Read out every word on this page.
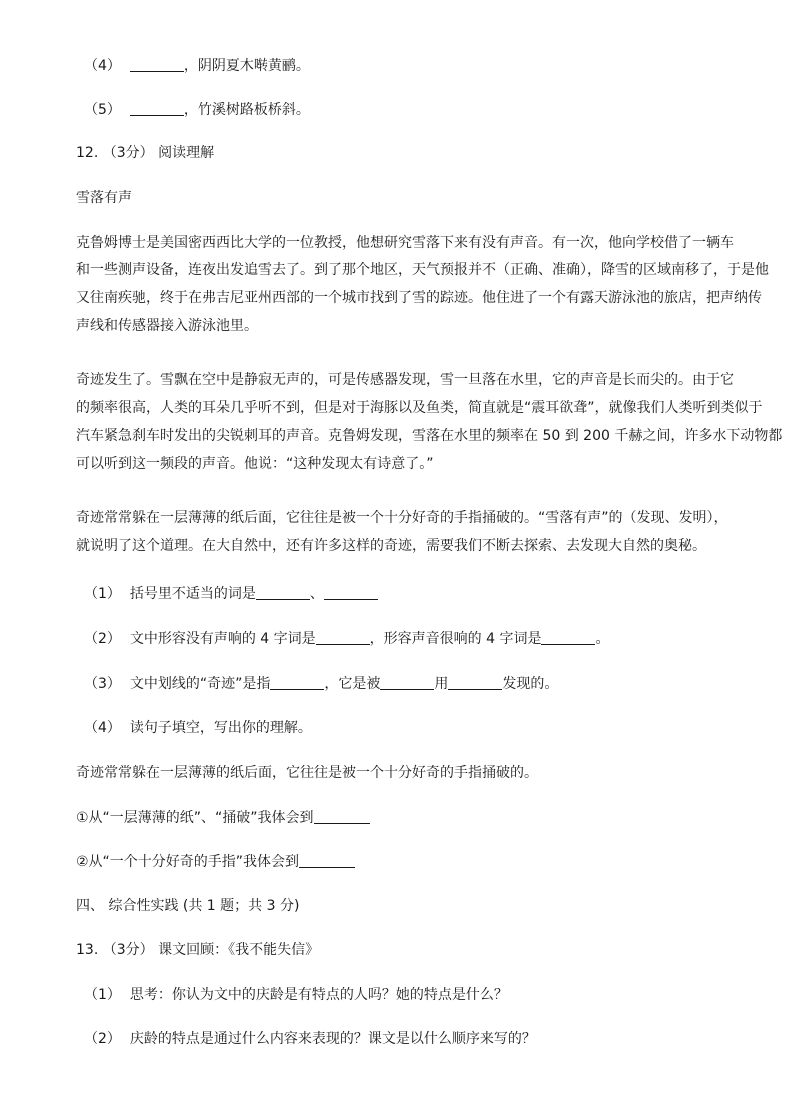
（4）	，阴阴夏木啭黄鹂。
（5）	，竹溪树路板桥斜。
12. （3分） 阅读理解
雪落有声
克鲁姆博士是美国密西西比大学的一位教授，他想研究雪落下来有没有声音。有一次，他向学校借了一辆车
和一些测声设备，连夜出发追雪去了。到了那个地区，天气预报并不（正确、准确），降雪的区域南移了，于是他
又往南疾驰，终于在弗吉尼亚州西部的一个城市找到了雪的踪迹。他住进了一个有露天游泳池的旅店，把声纳传
声线和传感器接入游泳池里。
奇迹发生了。雪飘在空中是静寂无声的，可是传感器发现，雪一旦落在水里，它的声音是长而尖的。由于它
的频率很高，人类的耳朵几乎听不到，但是对于海豚以及鱼类，简直就是“震耳欲聋”，就像我们人类听到类似于
汽车紧急刹车时发出的尖锐刺耳的声音。克鲁姆发现，雪落在水里的频率在 50 到 200 千赫之间，许多水下动物都
可以听到这一频段的声音。他说：“这种发现太有诗意了。”
奇迹常常躲在一层薄薄的纸后面，它往往是被一个十分好奇的手指捅破的。“雪落有声”的（发现、发明），
就说明了这个道理。在大自然中，还有许多这样的奇迹，需要我们不断去探索、去发现大自然的奥秘。
（1） 括号里不适当的词是	、
（2） 文中形容没有声响的 4 字词是	，形容声音很响的 4 字词是	。
（3） 文中划线的“奇迹”是指	，它是被	用	发现的。
（4） 读句子填空，写出你的理解。
奇迹常常躲在一层薄薄的纸后面，它往往是被一个十分好奇的手指捅破的。
①从“一层薄薄的纸”、“捅破”我体会到
②从“一个十分好奇的手指”我体会到
四、 综合性实践 (共 1 题；共 3 分)
13. （3分） 课文回顾：《我不能失信》
（1） 思考：你认为文中的庆龄是有特点的人吗？她的特点是什么？
（2） 庆龄的特点是通过什么内容来表现的？课文是以什么顺序来写的？
